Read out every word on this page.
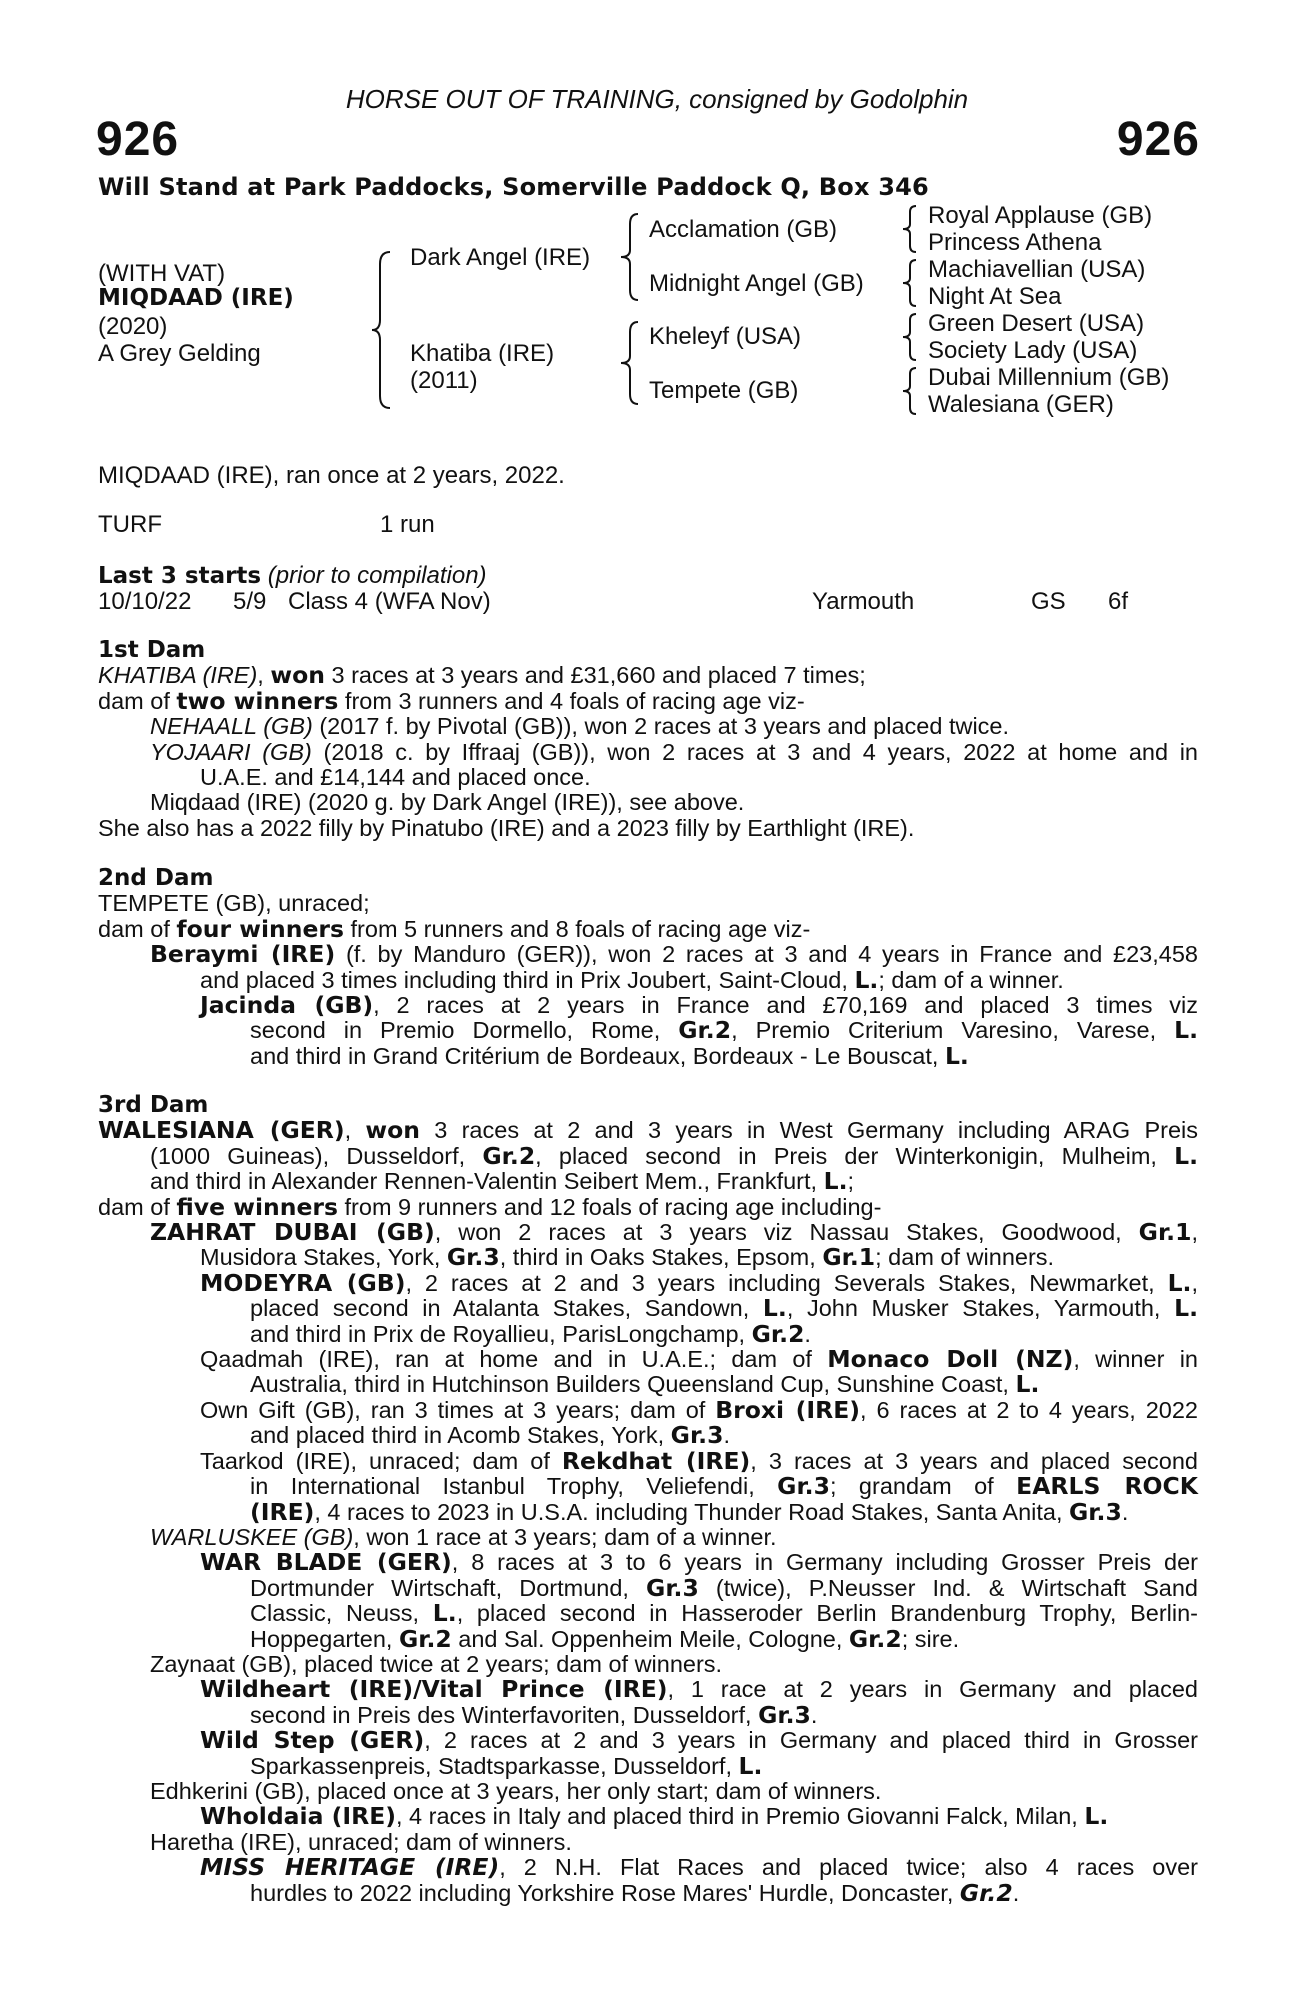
HORSE OUT OF TRAINING, consigned by Godolphin
926	926
Will Stand at Park Paddocks, Somerville Paddock Q, Box 346
(WITH VAT)
MIQDAAD (IRE)
(2020)
A Grey Gelding
Dark Angel (IRE)
Khatiba (IRE)
(2011)
Acclamation (GB)
Midnight Angel (GB)
Kheleyf (USA)
Tempete (GB)
Royal Applause (GB)
Princess Athena
Machiavellian (USA)
Night At Sea
Green Desert (USA)
Society Lady (USA)
Dubai Millennium (GB)
Walesiana (GER)
MIQDAAD (IRE), ran once at 2 years, 2022.
TURF	1 run
Last 3 starts (prior to compilation)
10/10/22 5/9 Class 4 (WFA Nov)	Yarmouth	GS 6f

1st Dam

KHATIBA (IRE), won 3 races at 3 years and £31,660 and placed 7 times;

dam of two winners from 3 runners and 4 foals of racing age viz-

NEHAALL (GB) (2017 f. by Pivotal (GB)), won 2 races at 3 years and placed twice.

YOJAARI (GB) (2018 c. by Iffraaj (GB)), won 2 races at 3 and 4 years, 2022 at home and in

U.A.E. and £14,144 and placed once.

Miqdaad (IRE) (2020 g. by Dark Angel (IRE)), see above.

She also has a 2022 filly by Pinatubo (IRE) and a 2023 filly by Earthlight (IRE).

2nd Dam

TEMPETE (GB), unraced;

dam of four winners from 5 runners and 8 foals of racing age viz-

Beraymi (IRE) (f. by Manduro (GER)), won 2 races at 3 and 4 years in France and £23,458

and placed 3 times including third in Prix Joubert, Saint-Cloud, L.; dam of a winner.

Jacinda (GB), 2 races at 2 years in France and £70,169 and placed 3 times viz

second in Premio Dormello, Rome, Gr.2, Premio Criterium Varesino, Varese, L.

and third in Grand Critérium de Bordeaux, Bordeaux - Le Bouscat, L.

3rd Dam

WALESIANA (GER), won 3 races at 2 and 3 years in West Germany including ARAG Preis

(1000 Guineas), Dusseldorf, Gr.2, placed second in Preis der Winterkonigin, Mulheim, L.

and third in Alexander Rennen-Valentin Seibert Mem., Frankfurt, L.;

dam of five winners from 9 runners and 12 foals of racing age including-

ZAHRAT DUBAI (GB), won 2 races at 3 years viz Nassau Stakes, Goodwood, Gr.1,

Musidora Stakes, York, Gr.3, third in Oaks Stakes, Epsom, Gr.1; dam of winners.

MODEYRA (GB), 2 races at 2 and 3 years including Severals Stakes, Newmarket, L.,

placed second in Atalanta Stakes, Sandown, L., John Musker Stakes, Yarmouth, L.

and third in Prix de Royallieu, ParisLongchamp, Gr.2.

Qaadmah (IRE), ran at home and in U.A.E.; dam of Monaco Doll (NZ), winner in

Australia, third in Hutchinson Builders Queensland Cup, Sunshine Coast, L.

Own Gift (GB), ran 3 times at 3 years; dam of Broxi (IRE), 6 races at 2 to 4 years, 2022

and placed third in Acomb Stakes, York, Gr.3.

Taarkod (IRE), unraced; dam of Rekdhat (IRE), 3 races at 3 years and placed second

in International Istanbul Trophy, Veliefendi, Gr.3; grandam of EARLS ROCK

(IRE), 4 races to 2023 in U.S.A. including Thunder Road Stakes, Santa Anita, Gr.3.

WARLUSKEE (GB), won 1 race at 3 years; dam of a winner.

WAR BLADE (GER), 8 races at 3 to 6 years in Germany including Grosser Preis der

Dortmunder Wirtschaft, Dortmund, Gr.3 (twice), P.Neusser Ind. & Wirtschaft Sand

Classic, Neuss, L., placed second in Hasseroder Berlin Brandenburg Trophy, Berlin-

Hoppegarten, Gr.2 and Sal. Oppenheim Meile, Cologne, Gr.2; sire.

Zaynaat (GB), placed twice at 2 years; dam of winners.

Wildheart (IRE)/Vital Prince (IRE), 1 race at 2 years in Germany and placed

second in Preis des Winterfavoriten, Dusseldorf, Gr.3.

Wild Step (GER), 2 races at 2 and 3 years in Germany and placed third in Grosser

Sparkassenpreis, Stadtsparkasse, Dusseldorf, L.

Edhkerini (GB), placed once at 3 years, her only start; dam of winners.

Wholdaia (IRE), 4 races in Italy and placed third in Premio Giovanni Falck, Milan, L.

Haretha (IRE), unraced; dam of winners.

MISS HERITAGE (IRE), 2 N.H. Flat Races and placed twice; also 4 races over

hurdles to 2022 including Yorkshire Rose Mares' Hurdle, Doncaster, Gr.2.
